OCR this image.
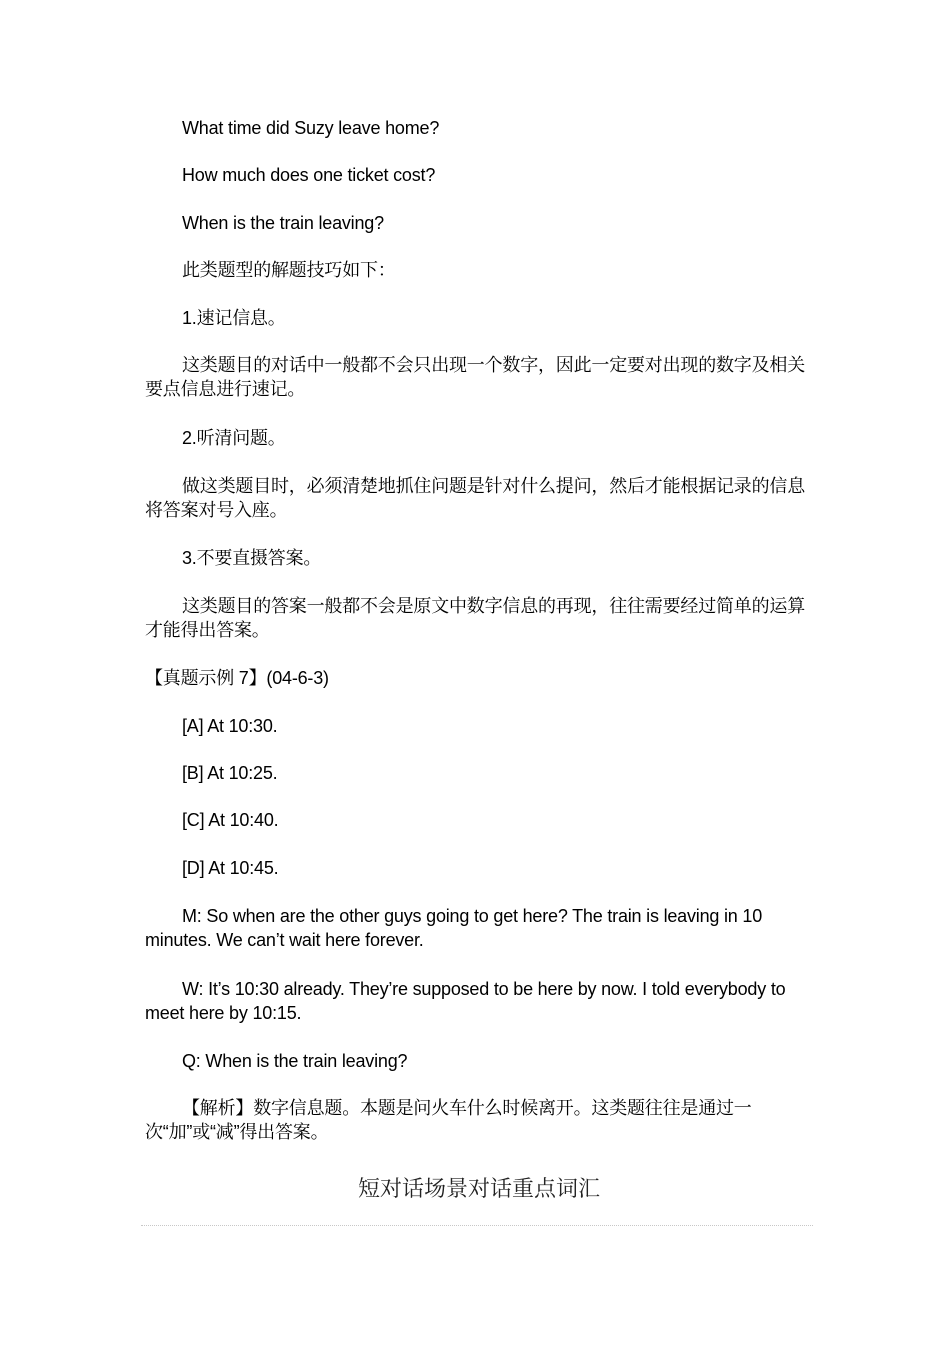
What time did Suzy leave home?

How much does one ticket cost?

When is the train leaving?

此类题型的解题技巧如下：

1.速记信息。

这类题目的对话中一般都不会只出现一个数字，因此一定要对出现的数字及相关要点信息进行速记。

2.听清问题。

做这类题目时，必须清楚地抓住问题是针对什么提问，然后才能根据记录的信息将答案对号入座。

3.不要直摄答案。

这类题目的答案一般都不会是原文中数字信息的再现，往往需要经过简单的运算才能得出答案。

【真题示例 7】(04-6-3)

[A] At 10:30.

[B] At 10:25.

[C] At 10:40.

[D] At 10:45.

M: So when are the other guys going to get here? The train is leaving in 10 minutes. We can’t wait here forever.

W: It’s 10:30 already. They’re supposed to be here by now. I told everybody to meet here by 10:15.

Q: When is the train leaving?

【解析】数字信息题。本题是问火车什么时候离开。这类题往往是通过一次“加”或“减”得出答案。

短对话场景对话重点词汇
